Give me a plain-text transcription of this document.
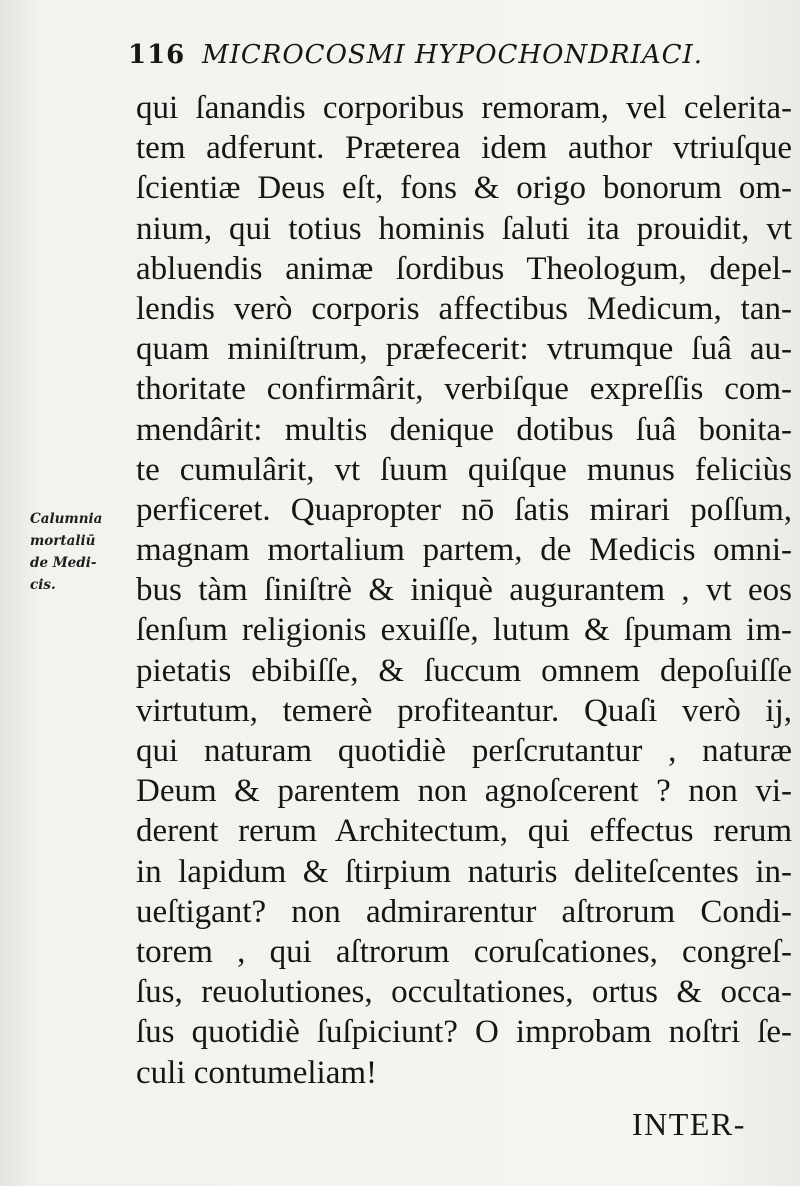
116 MICROCOSMI HYPOCHONDRIACI.
Calumnia
mortaliū
de Medi-
cis.
qui ſanandis corporibus remoram, vel celerita-
tem adferunt. Præterea idem author vtriuſque
ſcientiæ Deus eſt, fons & origo bonorum om-
nium, qui totius hominis ſaluti ita prouidit, vt
abluendis animæ ſordibus Theologum, depel-
lendis verò corporis affectibus Medicum, tan-
quam miniſtrum, præfecerit: vtrumque ſuâ au-
thoritate confirmârit, verbiſque expreſſis com-
mendârit: multis denique dotibus ſuâ bonita-
te cumulârit, vt ſuum quiſque munus feliciùs
perficeret. Quapropter nō ſatis mirari poſſum,
magnam mortalium partem, de Medicis omni-
bus tàm ſiniſtrè & iniquè augurantem , vt eos
ſenſum religionis exuiſſe, lutum & ſpumam im-
pietatis ebibiſſe, & ſuccum omnem depoſuiſſe
virtutum, temerè profiteantur. Quaſi verò ij,
qui naturam quotidiè perſcrutantur , naturæ
Deum & parentem non agnoſcerent ? non vi-
derent rerum Architectum, qui effectus rerum
in lapidum & ſtirpium naturis deliteſcentes in-
ueſtigant? non admirarentur aſtrorum Condi-
torem , qui aſtrorum coruſcationes, congreſ-
ſus, reuolutiones, occultationes, ortus & occa-
ſus quotidiè ſuſpiciunt? O improbam noſtri ſe-
culi contumeliam!
INTER-
